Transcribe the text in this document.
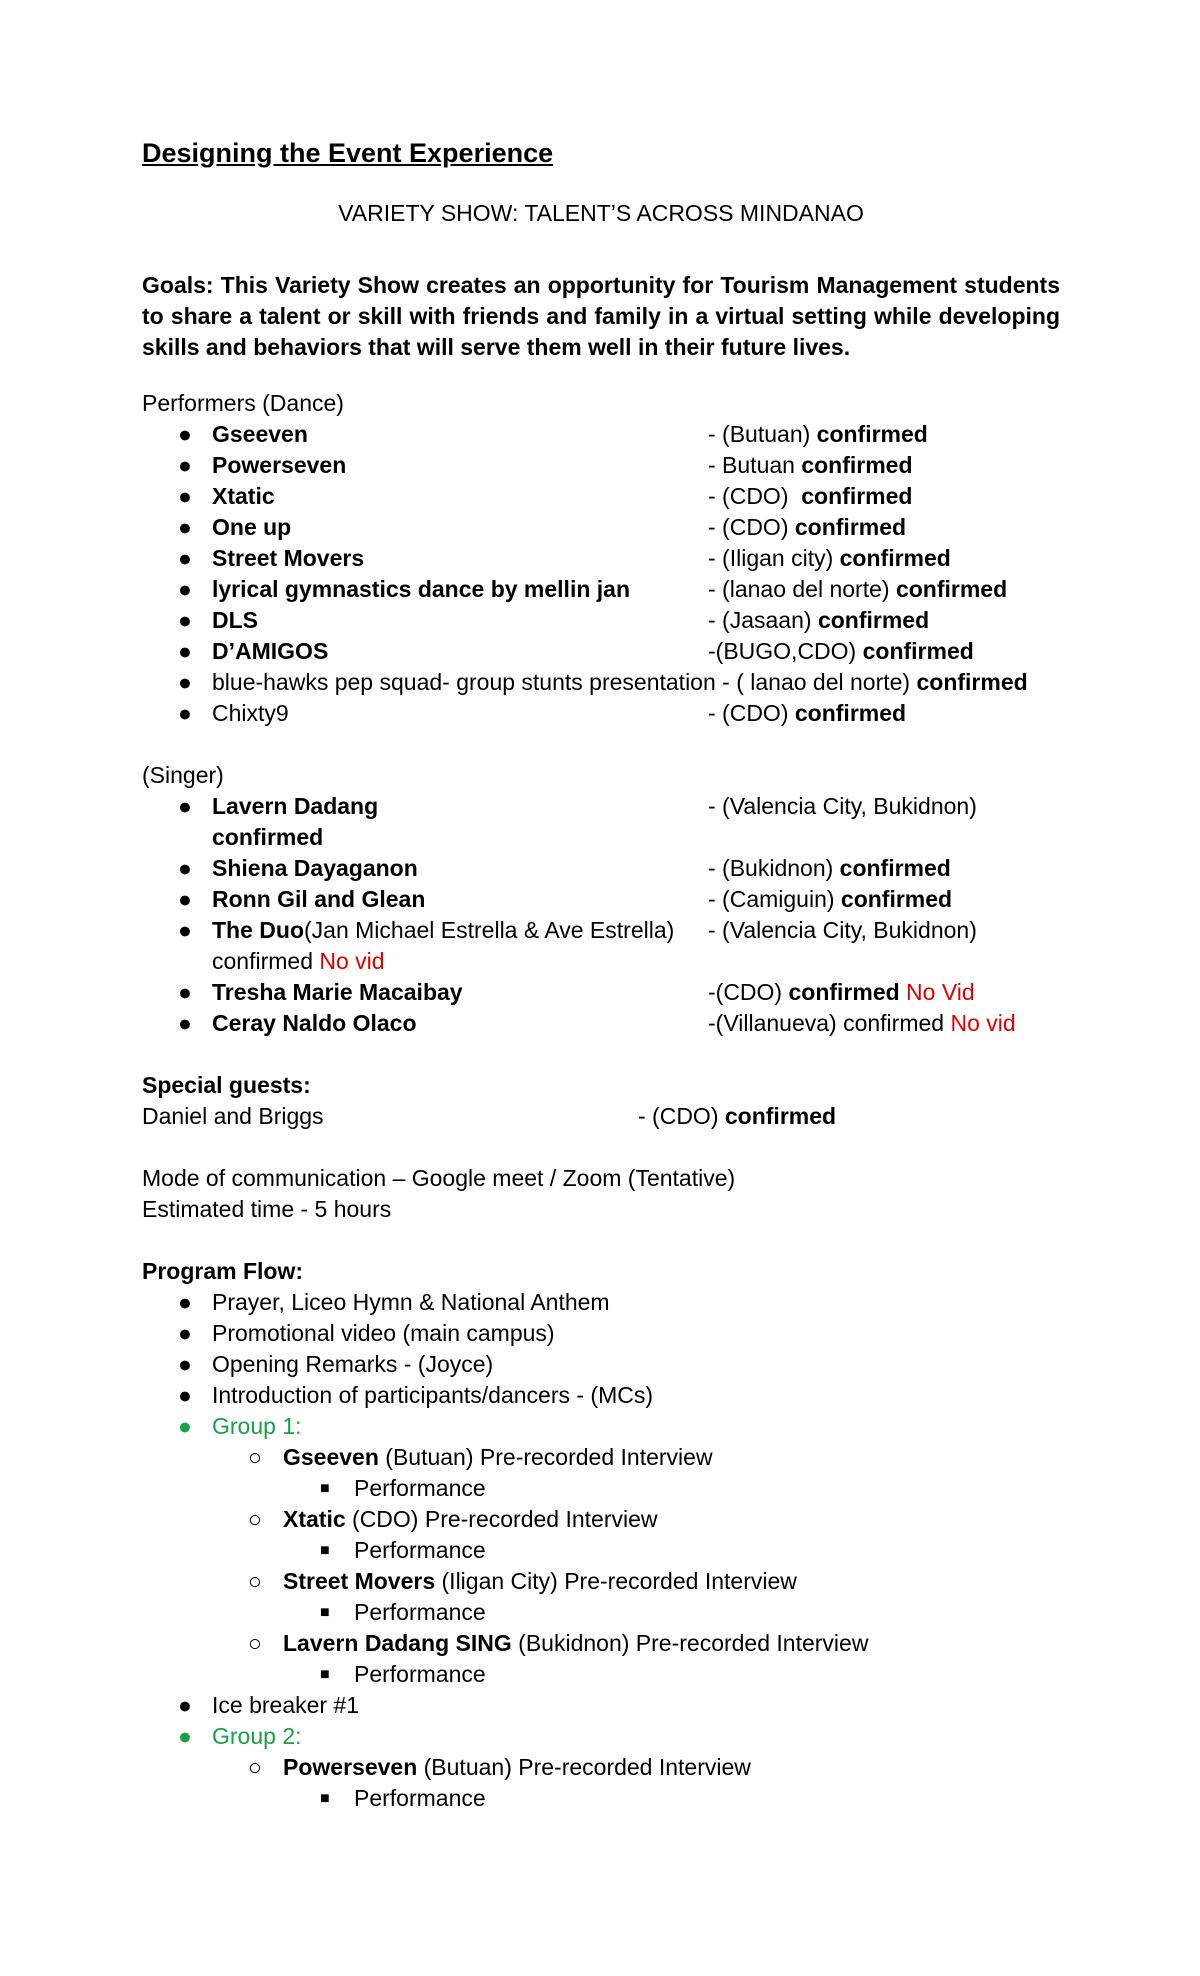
Designing the Event Experience
VARIETY SHOW: TALENT’S ACROSS MINDANAO
Goals: This Variety Show creates an opportunity for Tourism Management students to share a talent or skill with friends and family in a virtual setting while developing skills and behaviors that will serve them well in their future lives.
Performers (Dance)
● Gseeven	- (Butuan) confirmed
● Powerseven	- Butuan confirmed
● Xtatic	- (CDO)  confirmed
● One up	- (CDO) confirmed
● Street Movers	- (Iligan city) confirmed
● lyrical gymnastics dance by mellin jan	- (lanao del norte) confirmed
● DLS	- (Jasaan) confirmed
● D’AMIGOS	-(BUGO,CDO) confirmed
● blue-hawks pep squad- group stunts presentation - ( lanao del norte) confirmed
● Chixty9	- (CDO) confirmed
(Singer)
● Lavern Dadang	- (Valencia City, Bukidnon)
confirmed
● Shiena Dayaganon	- (Bukidnon) confirmed
● Ronn Gil and Glean	- (Camiguin) confirmed
● The Duo(Jan Michael Estrella & Ave Estrella) - (Valencia City, Bukidnon)
confirmed No vid
● Tresha Marie Macaibay	-(CDO) confirmed No Vid
● Ceray Naldo Olaco	-(Villanueva) confirmed No vid
Special guests:
Daniel and Briggs	- (CDO) confirmed
Mode of communication – Google meet / Zoom (Tentative)
Estimated time - 5 hours
Program Flow:
● Prayer, Liceo Hymn & National Anthem
● Promotional video (main campus)
● Opening Remarks - (Joyce)
● Introduction of participants/dancers - (MCs)
● Group 1:
○ Gseeven (Butuan) Pre-recorded Interview
■ Performance
○ Xtatic (CDO) Pre-recorded Interview
■ Performance
○ Street Movers (Iligan City) Pre-recorded Interview
■ Performance
○ Lavern Dadang SING (Bukidnon) Pre-recorded Interview
■ Performance
● Ice breaker #1
● Group 2:
○ Powerseven (Butuan) Pre-recorded Interview
■ Performance
